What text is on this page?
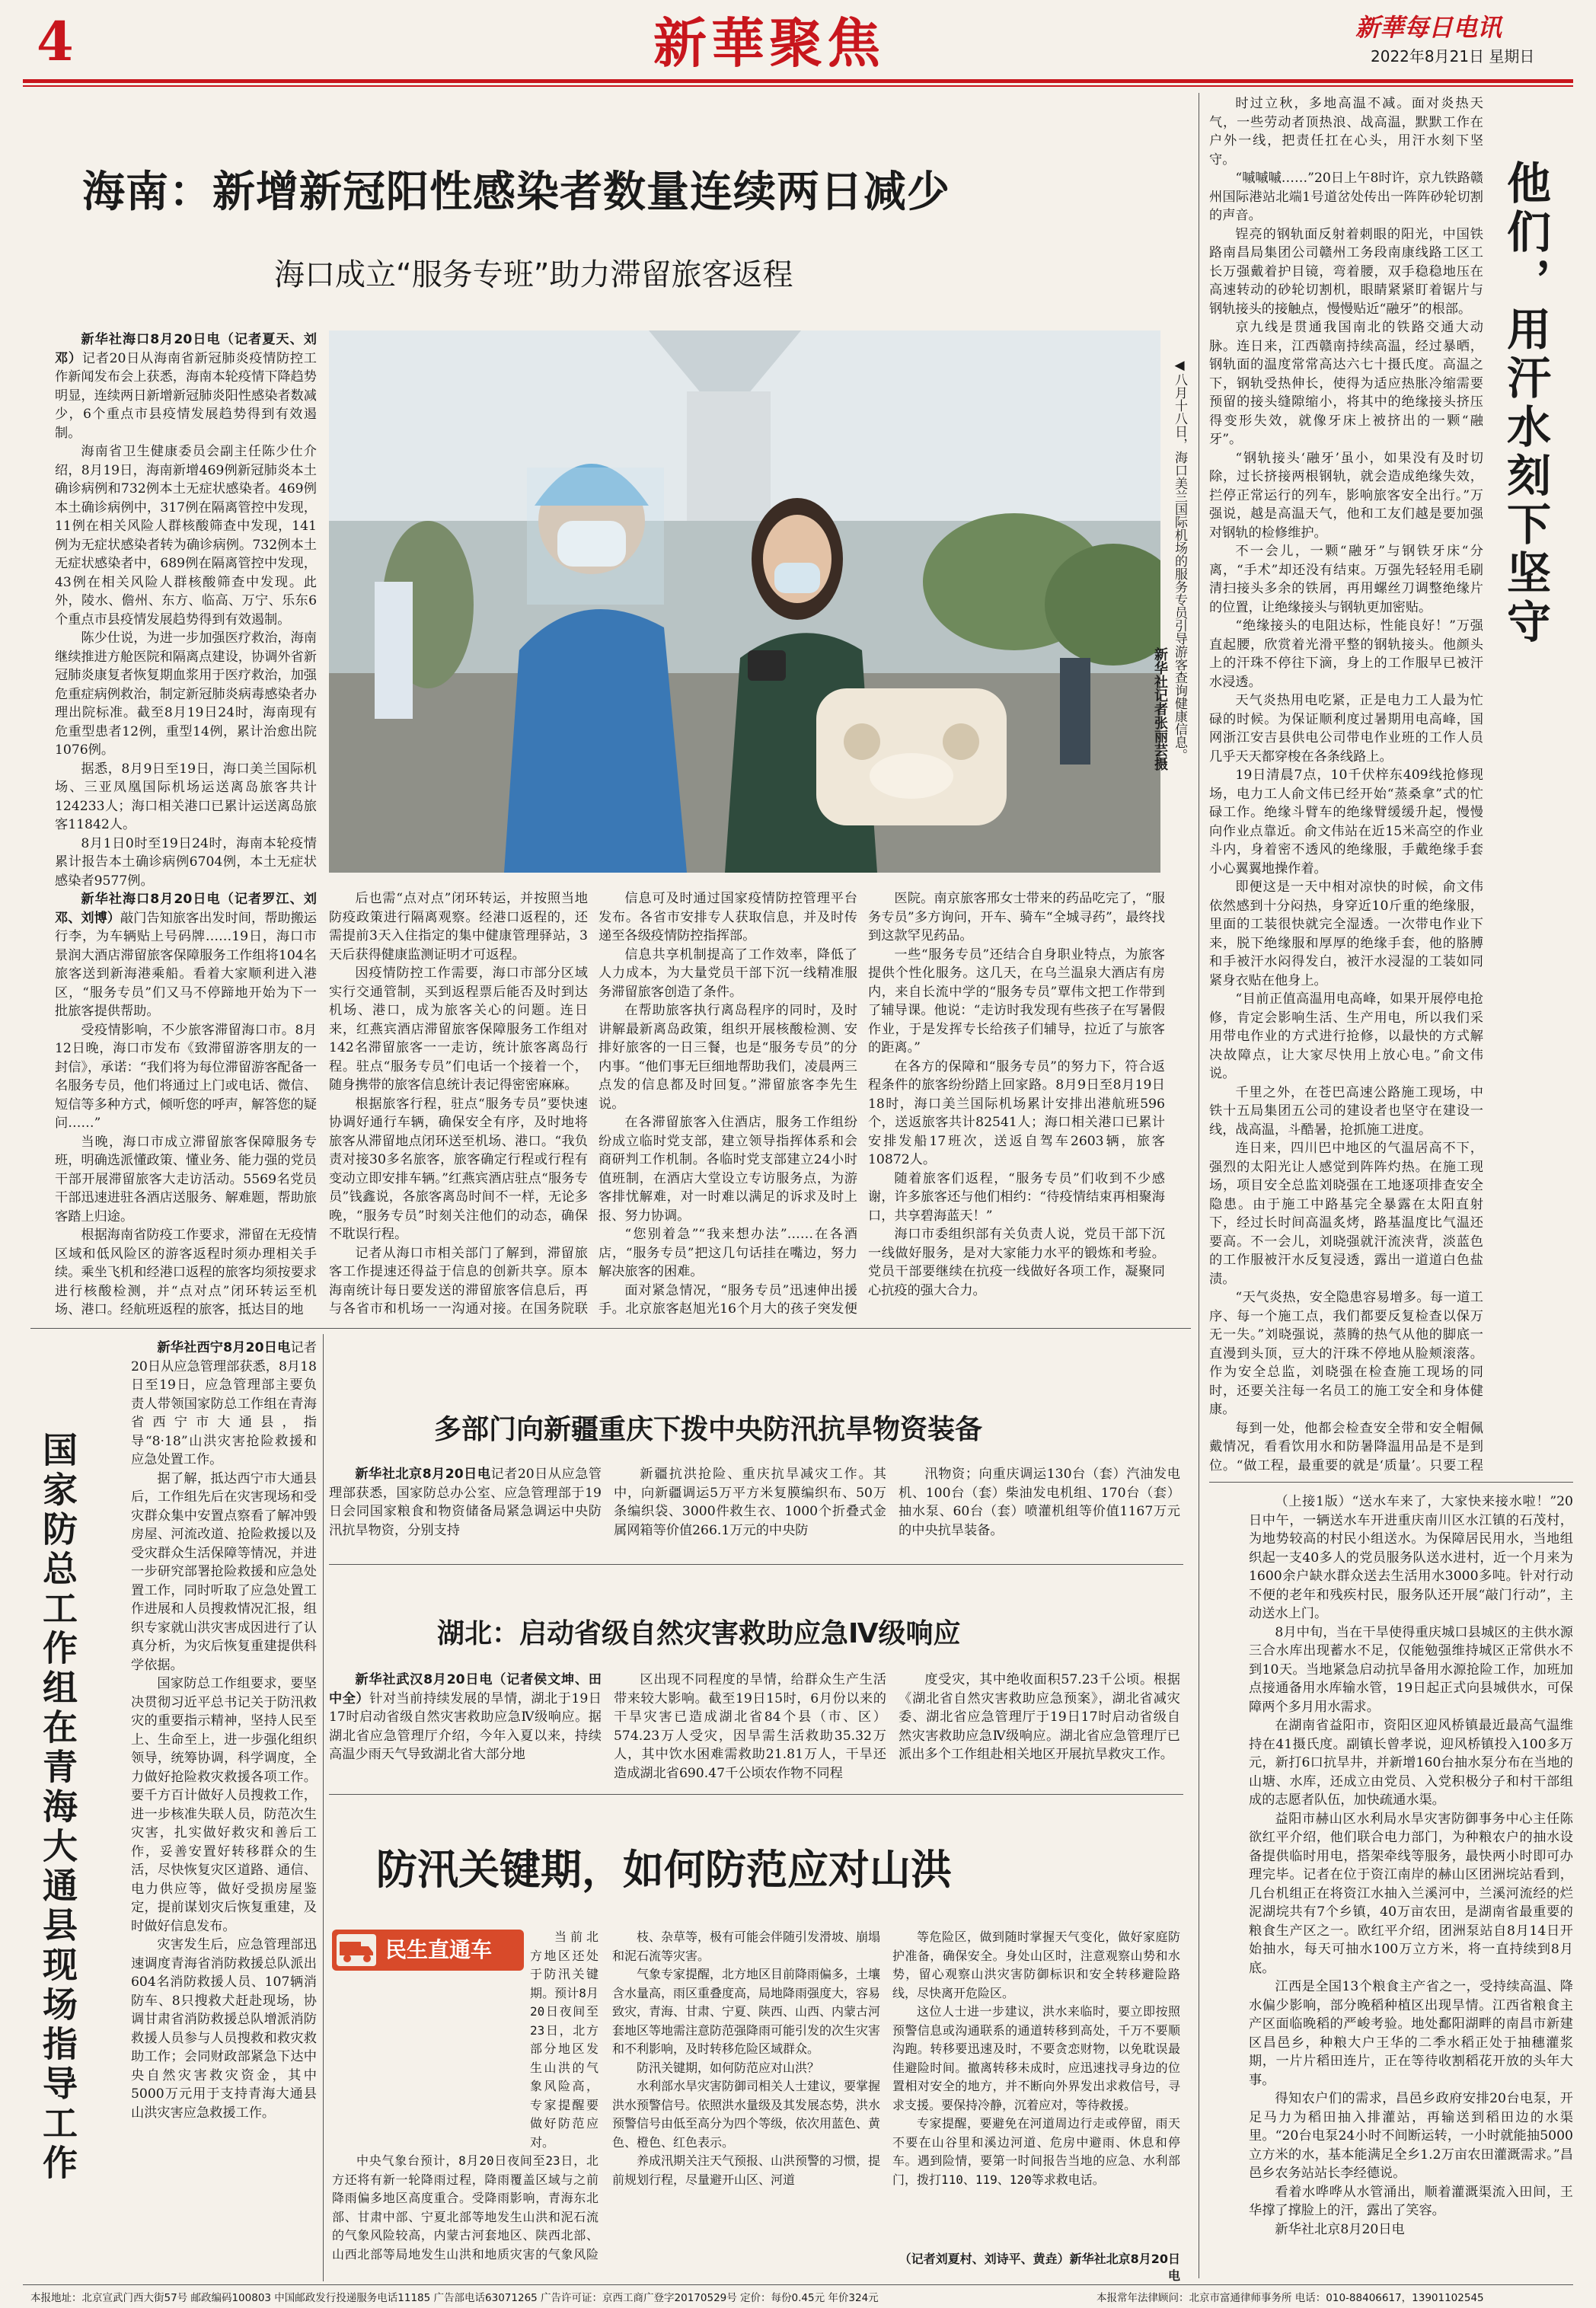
4	新華聚焦	新華每日电讯
2022年8月21日 星期日
海南：新增新冠阳性感染者数量连续两日减少
海口成立“服务专班”助力滞留旅客返程
◀八月十八日，海口美兰国际机场的服务专员引导游客查询健康信息。
新华社记者张丽芸摄

新华社海口8月20日电（记者夏天、刘邓）记者20日从海南省新冠肺炎疫情防控工作新闻发布会上获悉，海南本轮疫情下降趋势明显，连续两日新增新冠肺炎阳性感染者数减少，6个重点市县疫情发展趋势得到有效遏制。

海南省卫生健康委员会副主任陈少仕介绍，8月19日，海南新增469例新冠肺炎本土确诊病例和732例本土无症状感染者。469例本土确诊病例中，317例在隔离管控中发现，11例在相关风险人群核酸筛查中发现，141例为无症状感染者转为确诊病例。732例本土无症状感染者中，689例在隔离管控中发现，43例在相关风险人群核酸筛查中发现。此外，陵水、儋州、东方、临高、万宁、乐东6个重点市县疫情发展趋势得到有效遏制。

陈少仕说，为进一步加强医疗救治，海南继续推进方舱医院和隔离点建设，协调外省新冠肺炎康复者恢复期血浆用于医疗救治，加强危重症病例救治，制定新冠肺炎病毒感染者办理出院标准。截至8月19日24时，海南现有危重型患者12例，重型14例，累计治愈出院1076例。

据悉，8月9日至19日，海口美兰国际机场、三亚凤凰国际机场运送离岛旅客共计124233人；海口相关港口已累计运送离岛旅客11842人。

8月1日0时至19日24时，海南本轮疫情累计报告本土确诊病例6704例，本土无症状感染者9577例。

新华社海口8月20日电（记者罗江、刘邓、刘博）敲门告知旅客出发时间，帮助搬运行李，为车辆贴上号码牌……19日，海口市景润大酒店滞留旅客保障服务工作组将104名旅客送到新海港乘船。看着大家顺利进入港区，“服务专员”们又马不停蹄地开始为下一批旅客提供帮助。

受疫情影响，不少旅客滞留海口市。8月12日晚，海口市发布《致滞留游客朋友的一封信》，承诺：“我们将为每位滞留游客配备一名服务专员，他们将通过上门或电话、微信、短信等多种方式，倾听您的呼声，解答您的疑问……”

当晚，海口市成立滞留旅客保障服务专班，明确选派懂政策、懂业务、能力强的党员干部开展滞留旅客大走访活动。5569名党员干部迅速进驻各酒店送服务、解难题，帮助旅客踏上归途。

根据海南省防疫工作要求，滞留在无疫情区域和低风险区的游客返程时须办理相关手续。乘坐飞机和经港口返程的旅客均须按要求进行核酸检测，并“点对点”闭环转运至机场、港口。经航班返程的旅客，抵达目的地

后也需“点对点”闭环转运，并按照当地防疫政策进行隔离观察。经港口返程的，还需提前3天入住指定的集中健康管理驿站，3天后获得健康监测证明才可返程。

因疫情防控工作需要，海口市部分区域实行交通管制，买到返程票后能否及时到达机场、港口，成为旅客关心的问题。连日来，红燕宾酒店滞留旅客保障服务工作组对142名滞留旅客一一走访，统计旅客离岛行程。驻点“服务专员”们电话一个接着一个，随身携带的旅客信息统计表记得密密麻麻。

根据旅客行程，驻点“服务专员”要快速协调好通行车辆，确保安全有序，及时地将旅客从滞留地点闭环送至机场、港口。“我负责对接30多名旅客，旅客确定行程或行程有变动立即安排车辆。”红燕宾酒店驻点“服务专员”钱鑫说，各旅客离岛时间不一样，无论多晚，“服务专员”时刻关注他们的动态，确保不耽误行程。

记者从海口市相关部门了解到，滞留旅客工作提速还得益于信息的创新共享。原本海南统计每日要发送的滞留旅客信息后，再与各省市和机场一一沟通对接。在国务院联

信息可及时通过国家疫情防控管理平台发布。各省市安排专人获取信息，并及时传递至各级疫情防控指挥部。

信息共享机制提高了工作效率，降低了人力成本，为大量党员干部下沉一线精准服务滞留旅客创造了条件。

在帮助旅客执行离岛程序的同时，及时讲解最新离岛政策，组织开展核酸检测、安排好旅客的一日三餐，也是“服务专员”的分内事。“他们事无巨细地帮助我们，凌晨两三点发的信息都及时回复。”滞留旅客李先生说。

在各滞留旅客入住酒店，服务工作组纷纷成立临时党支部，建立领导指挥体系和会商研判工作机制。各临时党支部建立24小时值班制，在酒店大堂设立专访服务点，为游客排忧解难，对一时难以满足的诉求及时上报、努力协调。

“您别着急”“我来想办法”……在各酒店，“服务专员”把这几句话挂在嘴边，努力解决旅客的困难。

面对紧急情况，“服务专员”迅速伸出援手。北京旅客赵旭光16个月大的孩子突发便

医院。南京旅客邢女士带来的药品吃完了，“服务专员”多方询问，开车、骑车“全城寻药”，最终找到这款罕见药品。

一些“服务专员”还结合自身职业特点，为旅客提供个性化服务。这几天，在乌兰温泉大酒店有房内，来自长流中学的“服务专员”覃伟文把工作带到了辅导课。他说：“走访时我发现有些孩子在写暑假作业，于是发挥专长给孩子们辅导，拉近了与旅客的距离。”

在各方的保障和“服务专员”的努力下，符合返程条件的旅客纷纷踏上回家路。8月9日至8月19日18时，海口美兰国际机场累计安排出港航班596个，送返旅客共计82541人；海口相关港口已累计安排发船17班次，送返自驾车2603辆，旅客10872人。

随着旅客们返程，“服务专员”们收到不少感谢，许多旅客还与他们相约：“待疫情结束再相聚海口，共享碧海蓝天！”

海口市委组织部有关负责人说，党员干部下沉一线做好服务，是对大家能力水平的锻炼和考验。党员干部要继续在抗疫一线做好各项工作，凝聚同心抗疫的强大合力。

他们，用汗水刻下坚守

时过立秋，多地高温不减。面对炎热天气，一些劳动者顶热浪、战高温，默默工作在户外一线，把责任扛在心头，用汗水刻下坚守。

“嘁嘁嘁……”20日上午8时许，京九铁路赣州国际港站北端1号道岔处传出一阵阵砂轮切割的声音。

锃亮的钢轨面反射着刺眼的阳光，中国铁路南昌局集团公司赣州工务段南康线路工区工长万强戴着护目镜，弯着腰，双手稳稳地压在高速转动的砂轮切割机，眼睛紧紧盯着锯片与钢轨接头的接触点，慢慢贴近“融牙”的根部。

京九线是贯通我国南北的铁路交通大动脉。连日来，江西赣南持续高温，经过暴晒，钢轨面的温度常常高达六七十摄氏度。高温之下，钢轨受热伸长，使得为适应热胀冷缩需要预留的接头缝隙缩小，将其中的绝缘接头挤压得变形失效，就像牙床上被挤出的一颗“融牙”。

“钢轨接头‘融牙’虽小，如果没有及时切除，过长挤接两根钢轨，就会造成绝缘失效，拦停正常运行的列车，影响旅客安全出行。”万强说，越是高温天气，他和工友们越是要加强对钢轨的检修维护。

不一会儿，一颗“融牙”与钢铁牙床“分离，“手术”却还没有结束。万强先轻轻用毛刷清扫接头多余的铁屑，再用螺丝刀调整绝缘片的位置，让绝缘接头与钢轨更加密贴。

“绝缘接头的电阻达标，性能良好！”万强直起腰，欣赏着光滑平整的钢轨接头。他颜头上的汗珠不停往下滴，身上的工作服早已被汗水浸透。

天气炎热用电吃紧，正是电力工人最为忙碌的时候。为保证顺利度过暑期用电高峰，国网浙江安吉县供电公司带电作业班的工作人员几乎天天都穿梭在各条线路上。

19日清晨7点，10千伏梓东409线抢修现场，电力工人俞文伟已经开始“蒸桑拿”式的忙碌工作。绝缘斗臂车的绝缘臂缓缓升起，慢慢向作业点靠近。俞文伟站在近15米高空的作业斗内，身着密不透风的绝缘服，手戴绝缘手套小心翼翼地操作着。

即便这是一天中相对凉快的时候，俞文伟依然感到十分闷热，身穿近10斤重的绝缘服，里面的工装很快就完全湿透。一次带电作业下来，脱下绝缘服和厚厚的绝缘手套，他的胳膊和手被汗水闷得发白，被汗水浸湿的工装如同紧身衣贴在他身上。

“目前正值高温用电高峰，如果开展停电抢修，肯定会影响生活、生产用电，所以我们采用带电作业的方式进行抢修，以最快的方式解决故障点，让大家尽快用上放心电。”俞文伟说。

千里之外，在苍巴高速公路施工现场，中铁十五局集团五公司的建设者也坚守在建设一线，战高温，斗酷暑，抢抓施工进度。

连日来，四川巴中地区的气温居高不下，强烈的太阳光让人感觉到阵阵灼热。在施工现场，项目安全总监刘晓强在工地逐项排查安全隐患。由于施工中路基完全暴露在太阳直射下，经过长时间高温炙烤，路基温度比气温还要高。不一会儿，刘晓强就汗流浃背，淡蓝色的工作服被汗水反复浸透，露出一道道白色盐渍。

“天气炎热，安全隐患容易增多。每一道工序、每一个施工点，我们都要反复检查以保万无一失。”刘晓强说，蒸腾的热气从他的脚底一直漫到头顶，豆大的汗珠不停地从脸颊滚落。作为安全总监，刘晓强在检查施工现场的同时，还要关注每一名员工的施工安全和身体健康。

每到一处，他都会检查安全带和安全帽佩戴情况，看看饮用水和防暑降温用品是不是到位。“做工程，最重要的就是‘质量’。只要工程

（上接1版）“送水车来了，大家快来接水啦！”20日中午，一辆送水车开进重庆南川区水江镇的石茂村，为地势较高的村民小组送水。为保障居民用水，当地组织起一支40多人的党员服务队送水进村，近一个月来为1600余户缺水群众送去生活用水3000多吨。针对行动不便的老年和残疾村民，服务队还开展“敲门行动”，主动送水上门。

8月中旬，当在干旱使得重庆城口县城区的主供水源三合水库出现蓄水不足，仅能勉强维持城区正常供水不到10天。当地紧急启动抗旱备用水源抢险工作，加班加点接通备用水库输水管，19日起正式向县城供水，可保障两个多月用水需求。

在湖南省益阳市，资阳区迎风桥镇最近最高气温维持在41摄氏度。副镇长曾孝说，迎风桥镇投入100多万元，新打6口抗旱井，并新增160台抽水泵分布在当地的山塘、水库，还成立由党员、入党积极分子和村干部组成的志愿者队伍，加快疏通水渠。

益阳市赫山区水利局水旱灾害防御事务中心主任陈欲红平介绍，他们联合电力部门，为种粮农户的抽水设备提供临时用电，搭架牵线等服务，最快两小时即可办理完毕。记者在位于资江南岸的赫山区团洲垸站看到，几台机组正在将资江水抽入兰溪河中，兰溪河流经的烂泥湖垸共有7个乡镇，40万亩农田，是湖南省最重要的粮食生产区之一。欧红平介绍，团洲泵站自8月14日开始抽水，每天可抽水100万立方米，将一直持续到8月底。

江西是全国13个粮食主产省之一，受持续高温、降水偏少影响，部分晚稻种植区出现旱情。江西省粮食主产区面临晚稻的严峻考验。地处鄱阳湖畔的南昌市新建区昌邑乡，种粮大户王华的二季水稻正处于抽穗灌浆期，一片片稻田连片，正在等待收割稻花开放的头年大事。

得知农户们的需求，昌邑乡政府安排20台电泵，开足马力为稻田抽入排灌站，再输送到稻田边的水渠里。“20台电泵24小时不间断运转，一小时就能抽5000立方米的水，基本能满足全乡1.2万亩农田灌溉需求。”昌邑乡农务站站长李经德说。

看着水哗哗从水管涌出，顺着灌溉渠流入田间，王华撑了撑脸上的汗，露出了笑容。

新华社北京8月20日电

国家防总工作组在青海大通县现场指导工作

新华社西宁8月20日电记者20日从应急管理部获悉，8月18日至19日，应急管理部主要负责人带领国家防总工作组在青海省西宁市大通县，指导“8·18”山洪灾害抢险救援和应急处置工作。

据了解，抵达西宁市大通县后，工作组先后在灾害现场和受灾群众集中安置点察看了解冲毁房屋、河流改道、抢险救援以及受灾群众生活保障等情况，并进一步研究部署抢险救援和应急处置工作，同时听取了应急处置工作进展和人员搜救情况汇报，组织专家就山洪灾害成因进行了认真分析，为灾后恢复重建提供科学依据。

国家防总工作组要求，要坚决贯彻习近平总书记关于防汛救灾的重要指示精神，坚持人民至上、生命至上，进一步强化组织领导，统筹协调，科学调度，全力做好抢险救灾救援各项工作。要千方百计做好人员搜救工作，进一步核准失联人员，防范次生灾害，扎实做好救灾和善后工作，妥善安置好转移群众的生活，尽快恢复灾区道路、通信、电力供应等，做好受损房屋鉴定，提前谋划灾后恢复重建，及时做好信息发布。

灾害发生后，应急管理部迅速调度青海省消防救援总队派出604名消防救援人员、107辆消防车、8只搜救犬赶赴现场，协调甘肃省消防救援总队增派消防救援人员参与人员搜救和救灾救助工作；会同财政部紧急下达中央自然灾害救灾资金，其中5000万元用于支持青海大通县山洪灾害应急救援工作。

多部门向新疆重庆下拨中央防汛抗旱物资装备

新华社北京8月20日电记者20日从应急管理部获悉，国家防总办公室、应急管理部于19日会同国家粮食和物资储备局紧急调运中央防汛抗旱物资，分别支持

新疆抗洪抢险、重庆抗旱减灾工作。其中，向新疆调运5万平方米复膜编织布、50万条编织袋、3000件救生衣、1000个折叠式金属网箱等价值266.1万元的中央防

汛物资；向重庆调运130台（套）汽油发电机、100台（套）柴油发电机组、170台（套）抽水泵、60台（套）喷灌机组等价值1167万元的中央抗旱装备。

湖北：启动省级自然灾害救助应急Ⅳ级响应

新华社武汉8月20日电（记者侯文坤、田中全）针对当前持续发展的旱情，湖北于19日17时启动省级自然灾害救助应急Ⅳ级响应。据湖北省应急管理厅介绍，今年入夏以来，持续高温少雨天气导致湖北省大部分地

区出现不同程度的旱情，给群众生产生活带来较大影响。截至19日15时，6月份以来的干旱灾害已造成湖北省84个县（市、区）574.23万人受灾，因旱需生活救助35.32万人，其中饮水困难需救助21.81万人，干旱还造成湖北省690.47千公顷农作物不同程

度受灾，其中绝收面积57.23千公顷。根据《湖北省自然灾害救助应急预案》，湖北省减灾委、湖北省应急管理厅于19日17时启动省级自然灾害救助应急Ⅳ级响应。湖北省应急管理厅已派出多个工作组赴相关地区开展抗旱救灾工作。

防汛关键期，如何防范应对山洪
民生直通车

当前北方地区还处于防汛关键期。预计8月20日夜间至23日，北方部分地区发生山洪的气象风险高，专家提醒要做好防范应对。

中央气象台预计，8月20日夜间至23日，北方还将有新一轮降雨过程，降雨覆盖区域与之前降雨偏多地区高度重合。受降雨影响，青海东北部、甘肃中部、宁夏北部等地发生山洪和泥石流的气象风险较高，内蒙古河套地区、陕西北部、山西北部等局地发生山洪和地质灾害的气象风险

枝、杂草等，极有可能会伴随引发滑坡、崩塌和泥石流等灾害。

气象专家提醒，北方地区目前降雨偏多，土壤含水量高，雨区重叠度高，局地降雨强度大，容易致灾，青海、甘肃、宁夏、陕西、山西、内蒙古河套地区等地需注意防范强降雨可能引发的次生灾害和不利影响，及时转移危险区域群众。

防汛关键期，如何防范应对山洪？

水利部水旱灾害防御司相关人士建议，要掌握洪水预警信号。依照洪水量级及其发展态势，洪水预警信号由低至高分为四个等级，依次用蓝色、黄色、橙色、红色表示。

养成汛期关注天气预报、山洪预警的习惯，提前规划行程，尽量避开山区、河道

等危险区，做到随时掌握天气变化，做好家庭防护准备，确保安全。身处山区时，注意观察山势和水势，留心观察山洪灾害防御标识和安全转移避险路线，尽快离开危险区。

这位人士进一步建议，洪水来临时，要立即按照预警信息或沟通联系的通道转移到高处，千万不要顺沟跑。转移要迅速及时，不要贪恋财物，以免耽误最佳避险时间。撤离转移未成时，应迅速找寻身边的位置相对安全的地方，并不断向外界发出求救信号，寻求支援。要保持冷静，沉着应对，等待救援。

专家提醒，要避免在河道周边行走或停留，雨天不要在山谷里和溪边河道、危房中避雨、休息和停车。遇到险情，要第一时间报告当地的应急、水利部门，拨打110、119、120等求救电话。

（记者刘夏村、刘诗平、黄垚）新华社北京8月20日电
本报地址：北京宣武门西大街57号 邮政编码100803 中国邮政发行投递服务电话11185 广告部电话63071265 广告许可证：京西工商广登字20170529号 定价：每份0.45元 年价324元	本报常年法律顾问：北京市富通律师事务所 电话：010-88406617，13901102545
